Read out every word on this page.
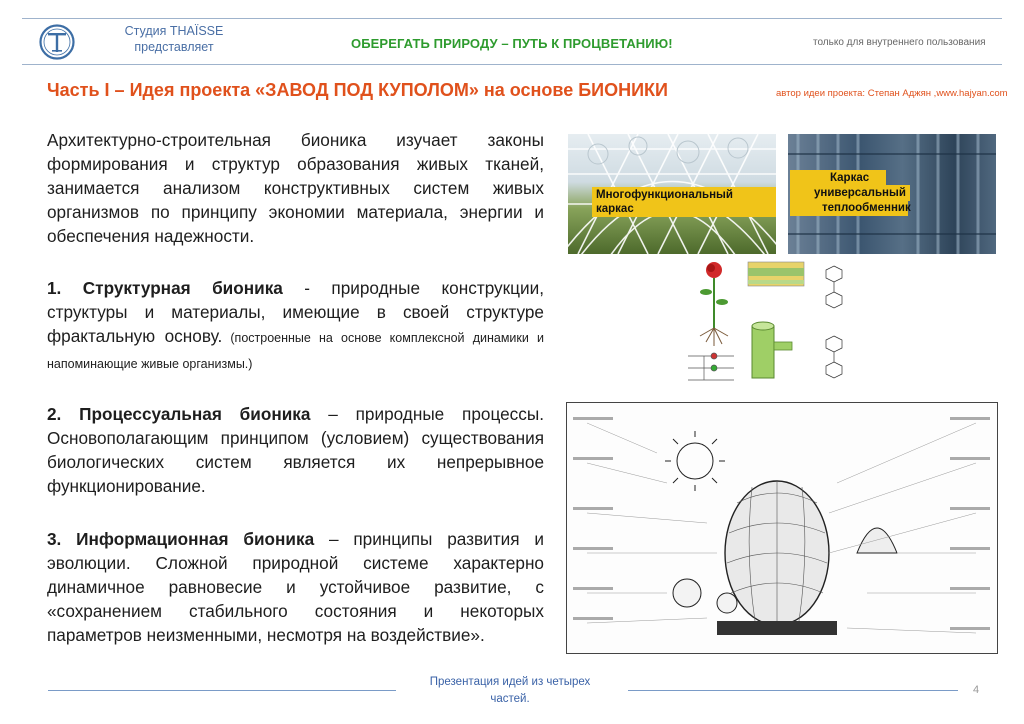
Студия THAÏSSE
представляет	ОБЕРЕГАТЬ ПРИРОДУ – ПУТЬ К ПРОЦВЕТАНИЮ!	только для внутреннего пользования
Часть I – Идея проекта «ЗАВОД ПОД КУПОЛОМ» на основе БИОНИКИ	автор идеи проекта: Степан Аджян ,www.hajyan.com
Архитектурно-строительная бионика изучает законы формирования и структур образования живых тканей, занимается анализом конструктивных систем живых организмов по принципу экономии материала, энергии и обеспечения надежности.
1. Структурная бионика - природные конструкции, структуры и материалы, имеющие в своей структуре фрактальную основу. (построенные на основе комплексной динамики и напоминающие живые организмы.)
2. Процессуальная бионика – природные процессы. Основополагающим принципом (условием) существования биологических систем является их непрерывное функционирование.
3. Информационная бионика – принципы развития и эволюции. Сложной природной системе характерно динамичное равновесие и устойчивое развитие, с «сохранением стабильного состояния и некоторых параметров неизменными, несмотря на воздействие».
Многофункциональный каркас
Каркас
универсальный
теплообменник
Презентация идей из четырех частей.
4
